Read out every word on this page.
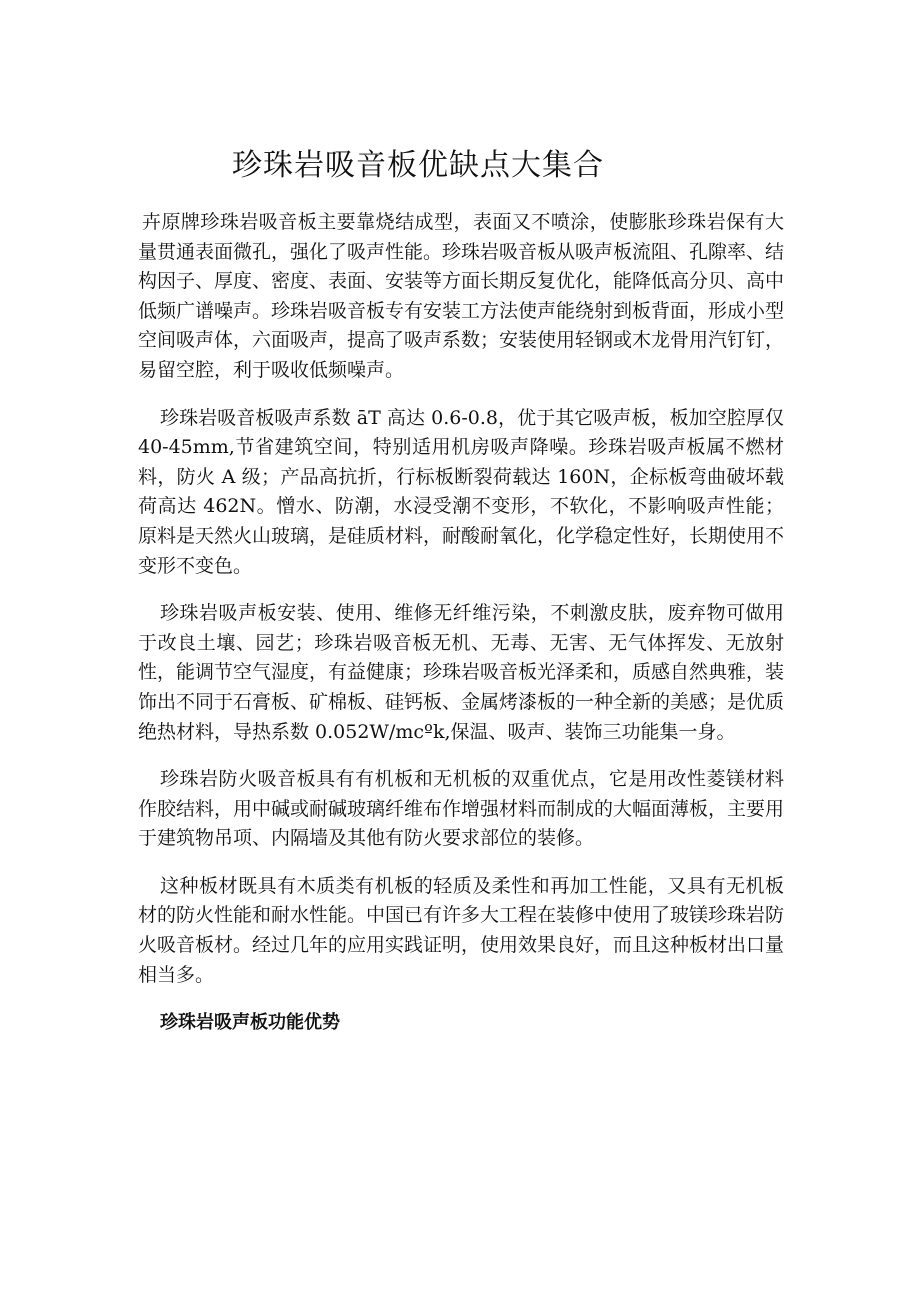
珍珠岩吸音板优缺点大集合

卉原牌珍珠岩吸音板主要靠烧结成型，表面又不喷涂，使膨胀珍珠岩保有大量贯通表面微孔，强化了吸声性能。珍珠岩吸音板从吸声板流阻、孔隙率、结构因子、厚度、密度、表面、安装等方面长期反复优化，能降低高分贝、高中低频广谱噪声。珍珠岩吸音板专有安装工方法使声能绕射到板背面，形成小型空间吸声体，六面吸声，提高了吸声系数；安装使用轻钢或木龙骨用汽钉钉，易留空腔，利于吸收低频噪声。

珍珠岩吸音板吸声系数 āT 高达 0.6-0.8，优于其它吸声板，板加空腔厚仅 40-45mm,节省建筑空间，特别适用机房吸声降噪。珍珠岩吸声板属不燃材料，防火 A 级；产品高抗折，行标板断裂荷载达 160N，企标板弯曲破坏载荷高达 462N。憎水、防潮，水浸受潮不变形，不软化，不影响吸声性能；原料是天然火山玻璃，是硅质材料，耐酸耐氧化，化学稳定性好，长期使用不变形不变色。

珍珠岩吸声板安装、使用、维修无纤维污染，不刺激皮肤，废弃物可做用于改良土壤、园艺；珍珠岩吸音板无机、无毒、无害、无气体挥发、无放射性，能调节空气湿度，有益健康；珍珠岩吸音板光泽柔和，质感自然典雅，装饰出不同于石膏板、矿棉板、硅钙板、金属烤漆板的一种全新的美感；是优质绝热材料，导热系数 0.052W/mcºk,保温、吸声、装饰三功能集一身。

珍珠岩防火吸音板具有有机板和无机板的双重优点，它是用改性菱镁材料作胶结料，用中碱或耐碱玻璃纤维布作增强材料而制成的大幅面薄板，主要用于建筑物吊项、内隔墙及其他有防火要求部位的装修。

这种板材既具有木质类有机板的轻质及柔性和再加工性能，又具有无机板材的防火性能和耐水性能。中国已有许多大工程在装修中使用了玻镁珍珠岩防火吸音板材。经过几年的应用实践证明，使用效果良好，而且这种板材出口量相当多。

珍珠岩吸声板功能优势
